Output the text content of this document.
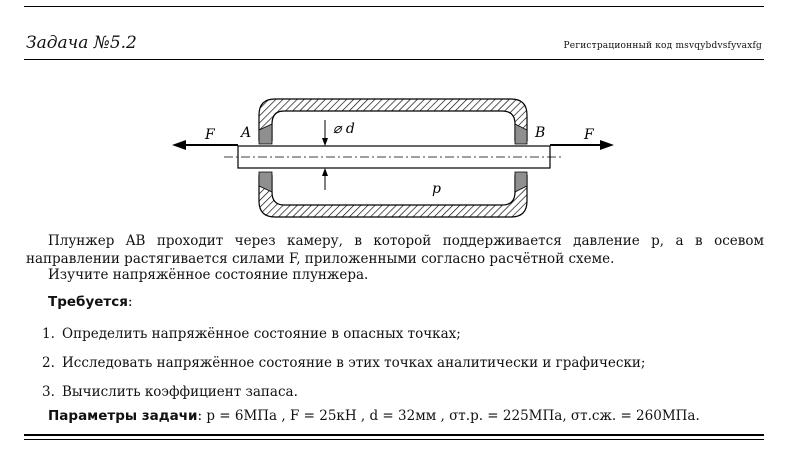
Задача №5.2	Регистрационный код msvqybdvsfyvaxfg
F A	⌀ d	B	F
p
Плунжер AB проходит через камеру, в которой поддерживается давление p, а в осевом направлении растягивается силами F, приложенными согласно расчётной схеме.
Изучите напряжённое состояние плунжера.
Требуется:
1. Определить напряжённое состояние в опасных точках;
2. Исследовать напряжённое состояние в этих точках аналитически и графически;
3. Вычислить коэффициент запаса.
Параметры задачи: p = 6МПа , F = 25кН , d = 32мм , σт.р. = 225МПа, σт.сж. = 260МПа.
